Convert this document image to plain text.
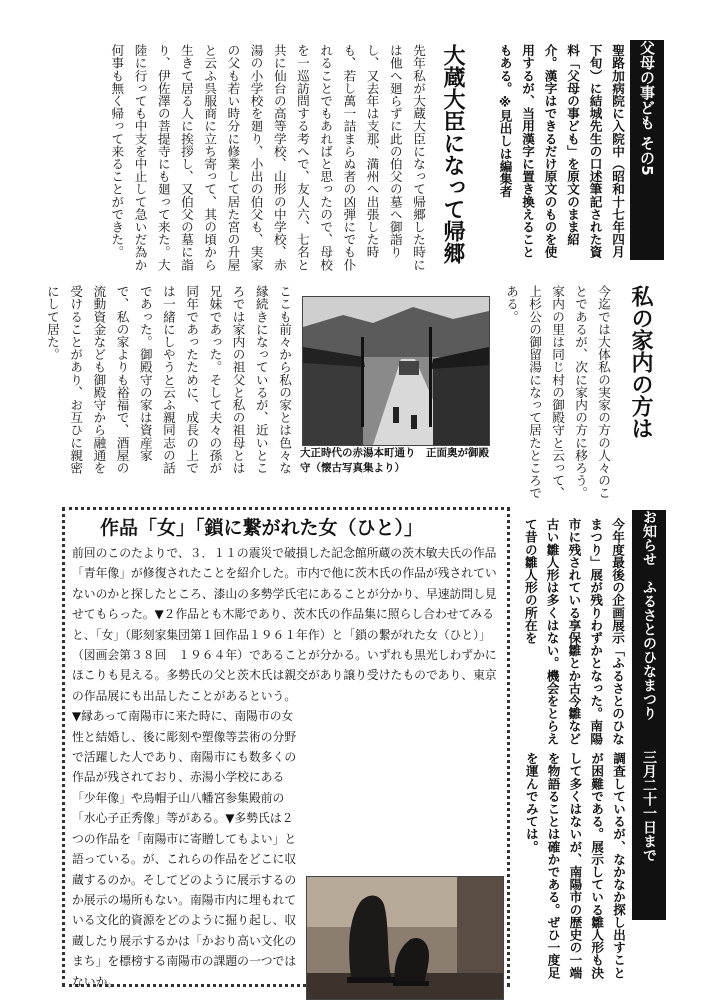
父母の事ども その5
聖路加病院に入院中（昭和十七年四月下旬）に結城先生の口述筆記された資料「父母の事ども」を原文のまま紹介。漢字はできるだけ原文のものを使用するが、当用漢字に置き換えることもある。※見出しは編集者
大蔵大臣になって帰郷
先年私が大蔵大臣になって帰郷した時には他へ廻らずに此の伯父の墓へ御詣りし、又去年は支那、満州へ出張した時も、若し萬一詰まらぬ者の凶弾にでも仆れることでもあればと思ったので、母校を一巡訪問する考へで、友人六、七名と共に仙台の高等学校、山形の中学校、赤湯の小学校を廻り、小出の伯父も、実家の父も若い時分に修業して居た宮の升屋と云ふ呉服商に立ち寄って、其の頃から生きて居る人に挨拶し、又伯父の墓に詣り、伊佐澤の菩提寺にも廻って来た。大陸に行っても中支を中止して急いだ為か何事も無く帰って来ることができた。
私の家内の方は
今迄では大体私の実家の方の人々のことであるが、次に家内の方に移ろう。家内の里は同じ村の御殿守と云って、上杉公の御留湯になって居たところである。
大正時代の赤湯本町通り　正面奥が御殿守（懐古写真集より）
ここも前々から私の家とは色々な縁続きになっているが、近いところでは家内の祖父と私の祖母とは兄妹であった。そして夫々の孫が同年であったために、成長の上では一緒にしやうと云ふ親同志の話であった。御殿守の家は資産家で、私の家よりも裕福で、酒屋の流動資金なども御殿守から融通を受けることがあり、お互ひに親密にして居た。
作品「女」「鎖に繋がれた女（ひと）」

前回のこのたよりで、３．１１の震災で破損した記念館所蔵の茨木敏夫氏の作品「青年像」が修復されたことを紹介した。市内で他に茨木氏の作品が残されていないのかと探したところ、漆山の多勢学氏宅にあることが分かり、早速訪問し見せてもらった。▼２作品とも木彫であり、茨木氏の作品集に照らし合わせてみると、「女」（彫刻家集団第１回作品１９６１年作）と「鎖の繋がれた女（ひと）」（図画会第３８回　１９６４年）であることが分かる。いずれも黒光しわずかにほこりも見える。多勢氏の父と茨木氏は親交があり譲り受けたものであり、東京の作品展にも出品したことがあるという。

▼縁あって南陽市に来た時に、南陽市の女性と結婚し、後に彫刻や塑像等芸術の分野で活躍した人であり、南陽市にも数多くの作品が残されており、赤湯小学校にある「少年像」や烏帽子山八幡宮参集殿前の「水心子正秀像」等がある。▼多勢氏は２つの作品を「南陽市に寄贈してもよい」と語っている。が、これらの作品をどこに収蔵するのか。そしてどのように展示するのか展示の場所もない。南陽市内に埋もれている文化的資源をどのように掘り起し、収蔵したり展示するかは「かおり高い文化のまち」を標榜する南陽市の課題の一つではないか。

お知らせ　ふるさとのひなまつり
三月二十一日まで
今年度最後の企画展示「ふるさとのひなまつり」展が残りわずかとなった。南陽市に残されている享保雛とか古今雛など古い雛人形は多くはない。機会をとらえて昔の雛人形の所在を
調査しているが、なかなか探し出すことが困難である。展示している雛人形も決して多くはないが、南陽市の歴史の一端を物語ることは確かである。ぜひ一度足を運んでみては。
